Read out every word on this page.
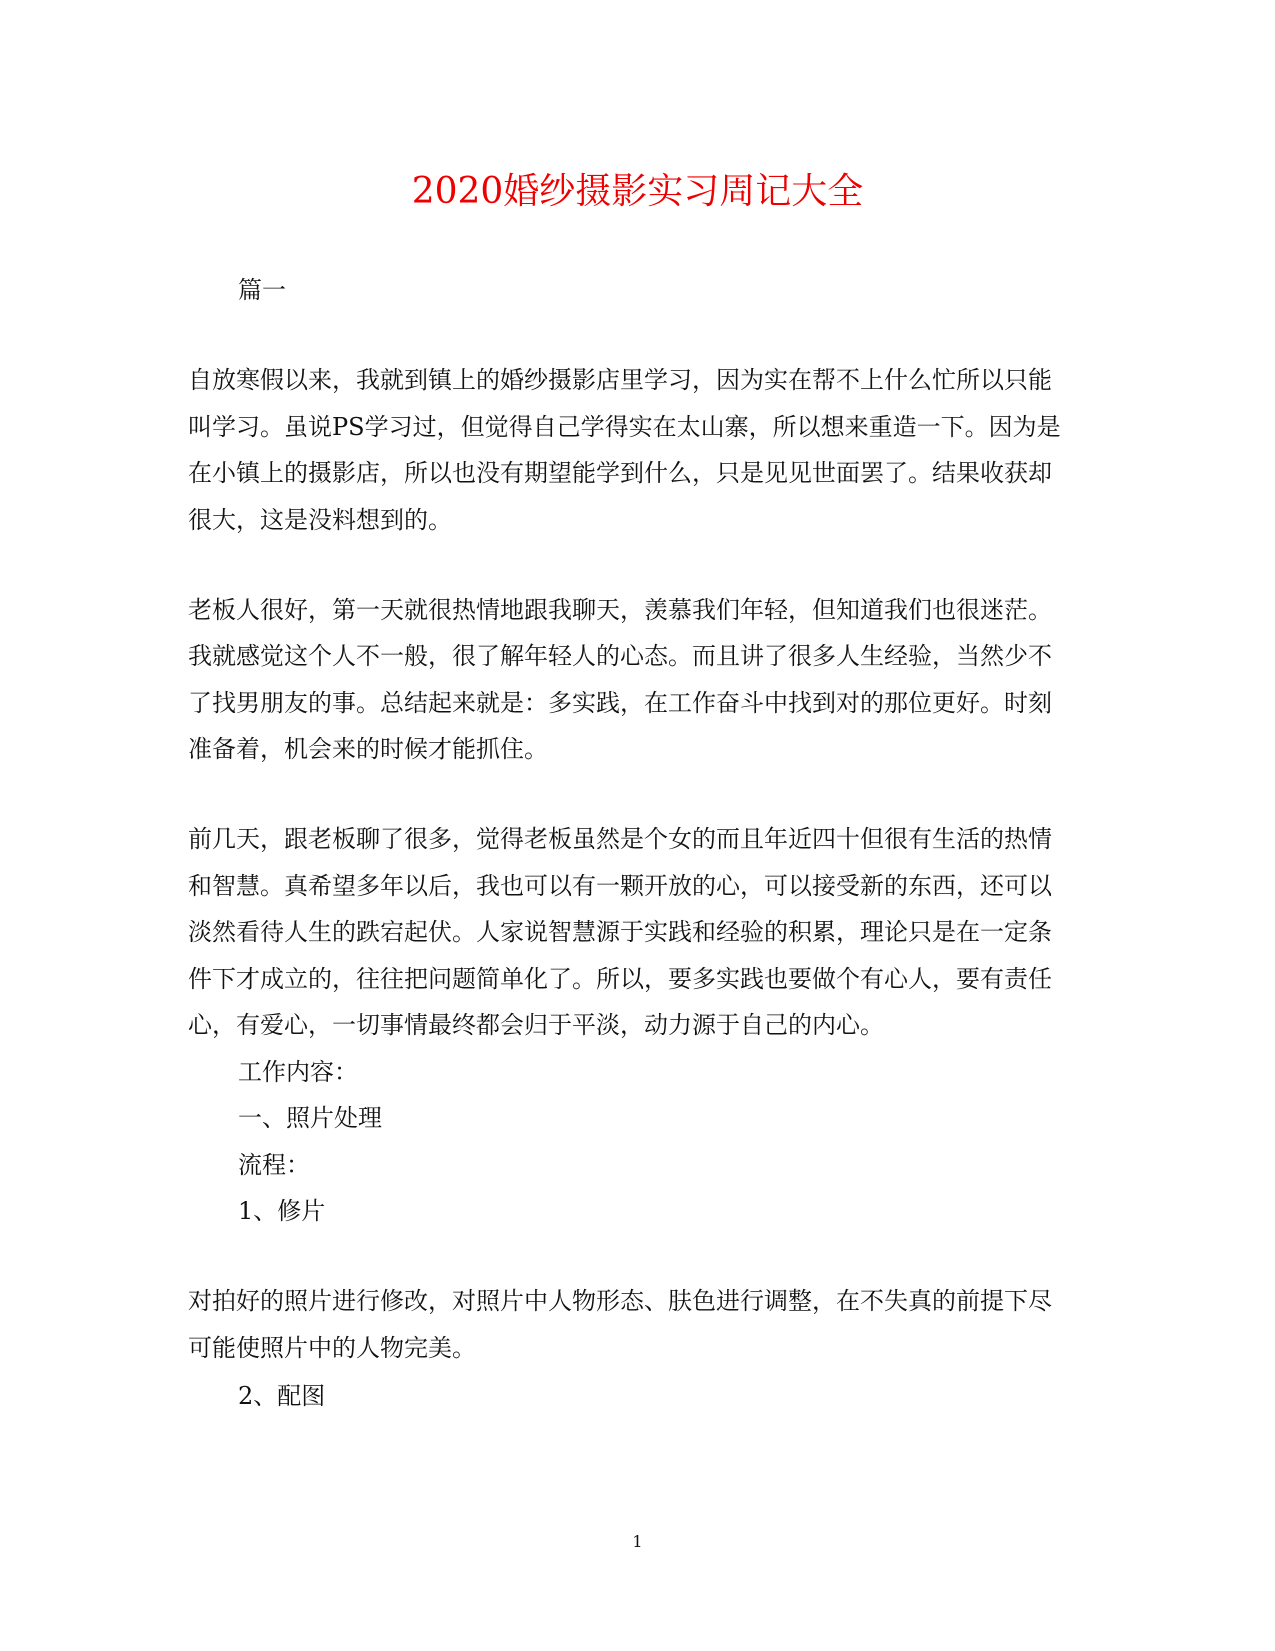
2020婚纱摄影实习周记大全

篇一

自放寒假以来，我就到镇上的婚纱摄影店里学习，因为实在帮不上什么忙所以只能

叫学习。虽说PS学习过，但觉得自己学得实在太山寨，所以想来重造一下。因为是

在小镇上的摄影店，所以也没有期望能学到什么，只是见见世面罢了。结果收获却

很大，这是没料想到的。

老板人很好，第一天就很热情地跟我聊天，羡慕我们年轻，但知道我们也很迷茫。

我就感觉这个人不一般，很了解年轻人的心态。而且讲了很多人生经验，当然少不

了找男朋友的事。总结起来就是：多实践，在工作奋斗中找到对的那位更好。时刻

准备着，机会来的时候才能抓住。

前几天，跟老板聊了很多，觉得老板虽然是个女的而且年近四十但很有生活的热情

和智慧。真希望多年以后，我也可以有一颗开放的心，可以接受新的东西，还可以

淡然看待人生的跌宕起伏。人家说智慧源于实践和经验的积累，理论只是在一定条

件下才成立的，往往把问题简单化了。所以，要多实践也要做个有心人，要有责任

心，有爱心，一切事情最终都会归于平淡，动力源于自己的内心。

工作内容：

一、照片处理

流程：

1、修片

对拍好的照片进行修改，对照片中人物形态、肤色进行调整，在不失真的前提下尽

可能使照片中的人物完美。

2、配图

1
